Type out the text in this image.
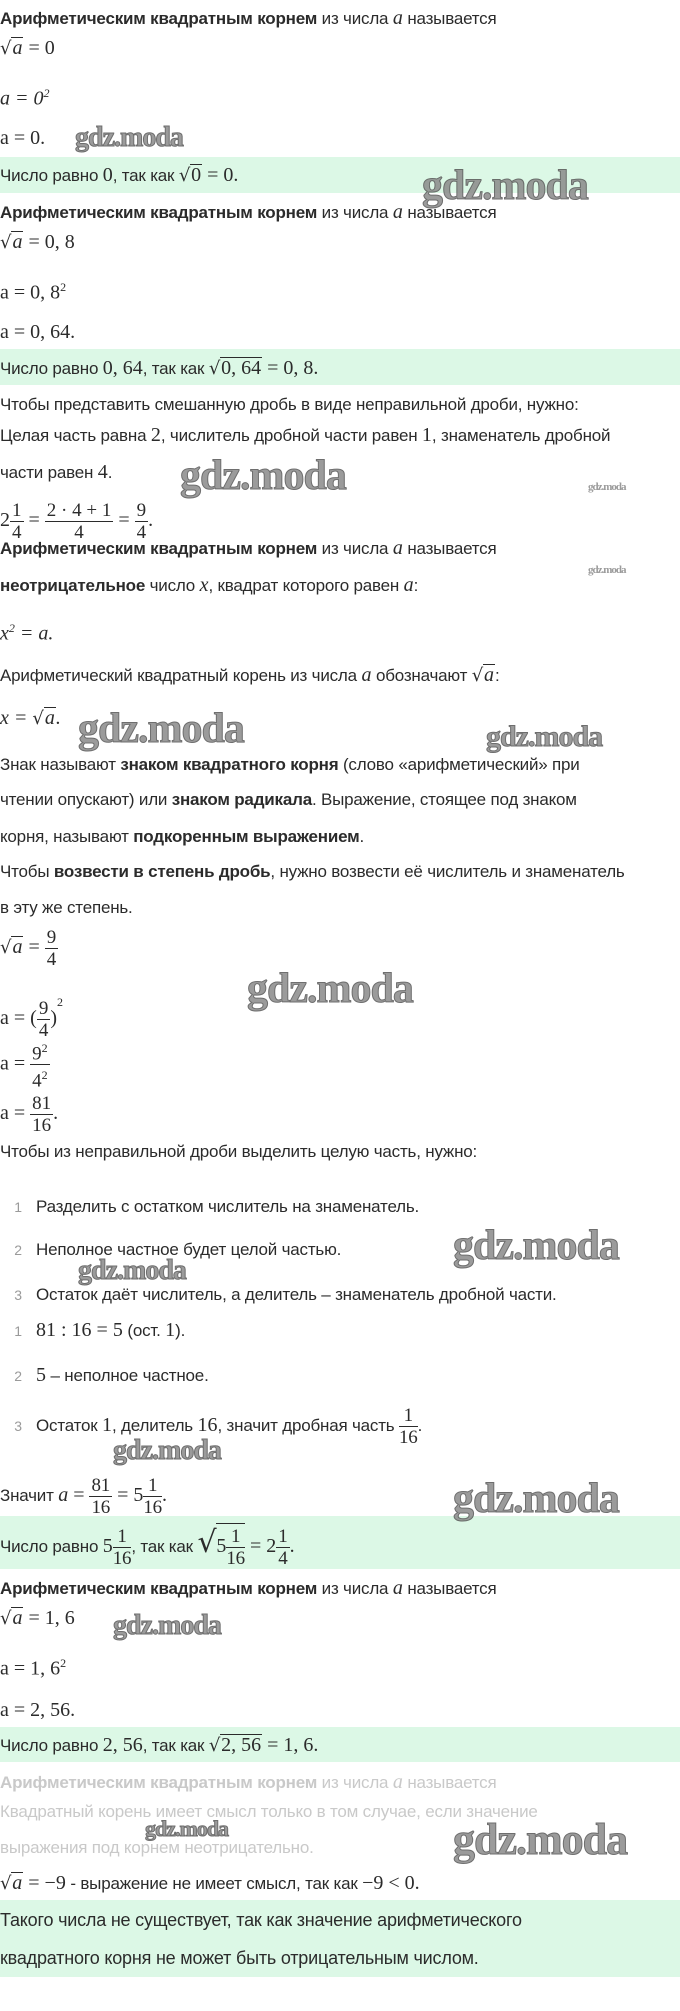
Арифметическим квадратным корнем из числа a называется
√a = 0
$a = 0^2$
a = 0.
Число равно 0, так как √0 = 0.
Арифметическим квадратным корнем из числа a называется
√a = 0, 8
a = 0, $8^2$
a = 0, 64.
Число равно 0, 64, так как √0, 64 = 0, 8.
Чтобы представить смешанную дробь в виде неправильной дроби, нужно:
Целая часть равна 2, числитель дробной части равен 1, знаменатель дробной
части равен 4.
$2 \frac{1}{4} = \frac{2 \cdot 4 + 1}{4} = \frac{9}{4}$ .
Арифметическим квадратным корнем из числа a называется
неотрицательное число x, квадрат которого равен a:
$x^2 = a$.
Арифметический квадратный корень из числа a обозначают √a:
x = √a.
Знак называют знаком квадратного корня (слово «арифметический» при
чтении опускают) или знаком радикала. Выражение, стоящее под знаком
корня, называют подкоренным выражением.
Чтобы возвести в степень дробь, нужно возвести её числитель и знаменатель
в эту же степень.
$√a = \frac{9}{4}$
a = ( $\frac{9}{4} )^2$
$a = \frac{9^2}{4^2}$
$a = \frac{81}{16}$ .
Чтобы из неправильной дроби выделить целую часть, нужно:
1 Разделить с остатком числитель на знаменатель.
2 Неполное частное будет целой частью.
3 Остаток даёт числитель, а делитель – знаменатель дробной части.
1 81 : 16 = 5 (ост. 1).
2 5 – неполное частное.
3 Остаток 1, делитель 16, значит дробная часть $\frac{1}{16}$ .
Значит $a = \frac{81}{16} = 5 \frac{1}{16}$ .
Число равно $5 \frac{1}{16}$ , так как $√5 \frac{1}{16} = 2 \frac{1}{4}$ .
Арифметическим квадратным корнем из числа a называется
√a = 1, 6
a = 1, $6^2$
a = 2, 56.
Число равно 2, 56, так как √2, 56 = 1, 6.
Арифметическим квадратным корнем из числа a называется
Квадратный корень имеет смысл только в том случае, если значение
выражения под корнем неотрицательно.
√a = −9 - выражение не имеет смысл, так как −9 < 0.
Такого числа не существует, так как значение арифметического
квадратного корня не может быть отрицательным числом.
gdz.moda
gdz.moda
gdz.moda	gdz.moda
gdz.moda
gdz.moda	gdz.moda
gdz.moda
gdz.moda
gdz.moda
gdz.moda
gdz.moda
gdz.moda
gdz.moda	gdz.moda
